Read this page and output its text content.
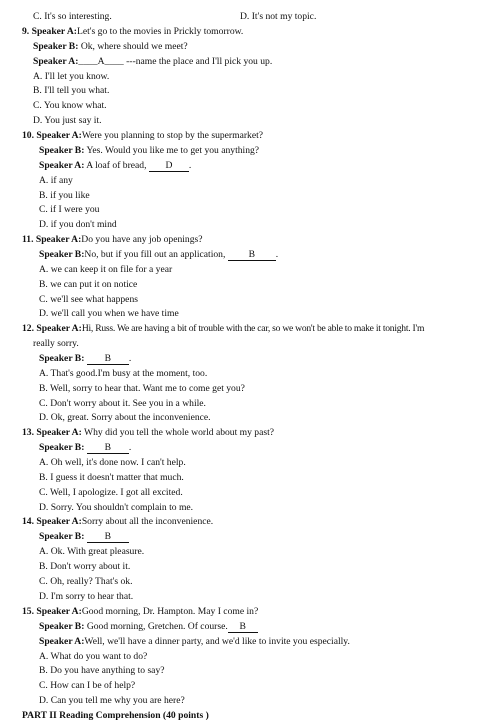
C. It's so interesting.	D. It's not my topic.
9. Speaker A:Let's go to the movies in Prickly tomorrow.
Speaker B: Ok, where should we meet?
Speaker A:____A____ ---name the place and I'll pick you up.
A. I'll let you know.
B. I'll tell you what.
C. You know what.
D. You just say it.
10. Speaker A:Were you planning to stop by the supermarket?
Speaker B: Yes. Would you like me to get you anything?
Speaker A: A loaf of bread, D .
A. if any
B. if you like
C. if I were you
D. if you don't mind
11. Speaker A:Do you have any job openings?
Speaker B:No, but if you fill out an application, B .
A. we can keep it on file for a year
B. we can put it on notice
C. we'll see what happens
D. we'll call you when we have time
12. Speaker A:Hi, Russ. We are having a bit of trouble with the car, so we won't be able to make it tonight. I'm
really sorry.
Speaker B: B .
A. That's good.I'm busy at the moment, too.
B. Well, sorry to hear that. Want me to come get you?
C. Don't worry about it. See you in a while.
D. Ok, great. Sorry about the inconvenience.
13. Speaker A: Why did you tell the whole world about my past?
Speaker B: B .
A. Oh well, it's done now. I can't help.
B. I guess it doesn't matter that much.
C. Well, I apologize. I got all excited.
D. Sorry. You shouldn't complain to me.
14. Speaker A:Sorry about all the inconvenience.
Speaker B: B
A. Ok. With great pleasure.
B. Don't worry about it.
C. Oh, really? That's ok.
D. I'm sorry to hear that.
15. Speaker A:Good morning, Dr. Hampton. May I come in?
Speaker B: Good morning, Gretchen. Of course. B
Speaker A:Well, we'll have a dinner party, and we'd like to invite you especially.
A. What do you want to do?
B. Do you have anything to say?
C. How can I be of help?
D. Can you tell me why you are here?
PART II Reading Comprehension (40 points )
